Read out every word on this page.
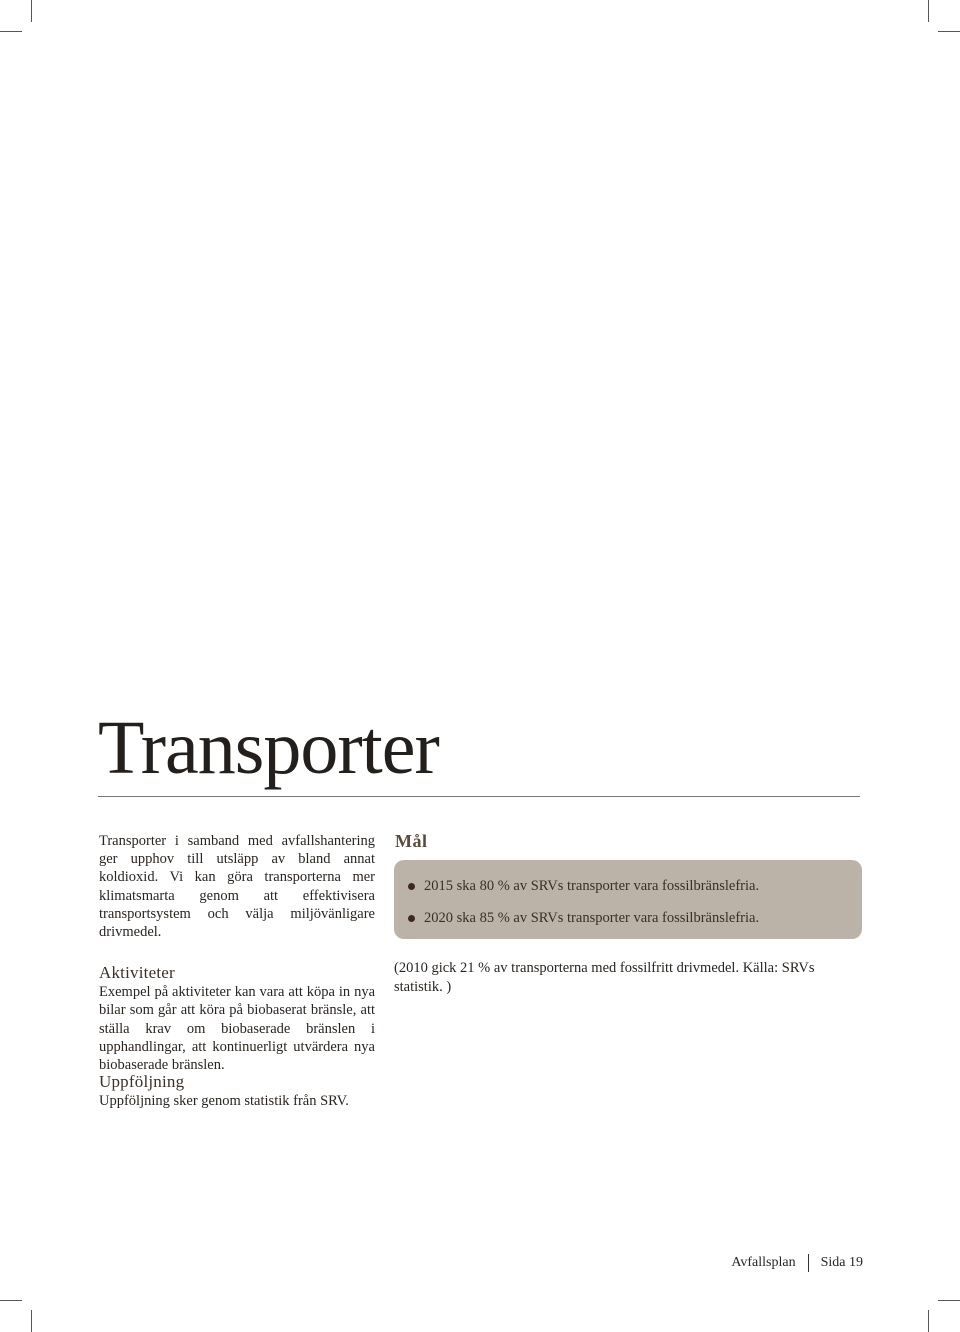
Transporter

Transporter i samband med avfallshantering ger upphov till utsläpp av bland annat koldioxid. Vi kan göra transporterna mer klimatsmarta genom att effektivisera transportsystem och välja miljövänligare drivmedel.

Aktiviteter

Exempel på aktiviteter kan vara att köpa in nya bilar som går att köra på biobaserat bränsle, att ställa krav om biobaserade bränslen i upphandlingar, att kontinuerligt utvärdera nya biobaserade bränslen.

Uppföljning

Uppföljning sker genom statistik från SRV.

Mål
2015 ska 80 % av SRVs transporter vara fossilbränslefria.
2020 ska 85 % av SRVs transporter vara fossilbränslefria.

(2010 gick 21 % av transporterna med fossilfritt drivmedel. Källa: SRVs statistik. )

Avfallsplan Sida 19
